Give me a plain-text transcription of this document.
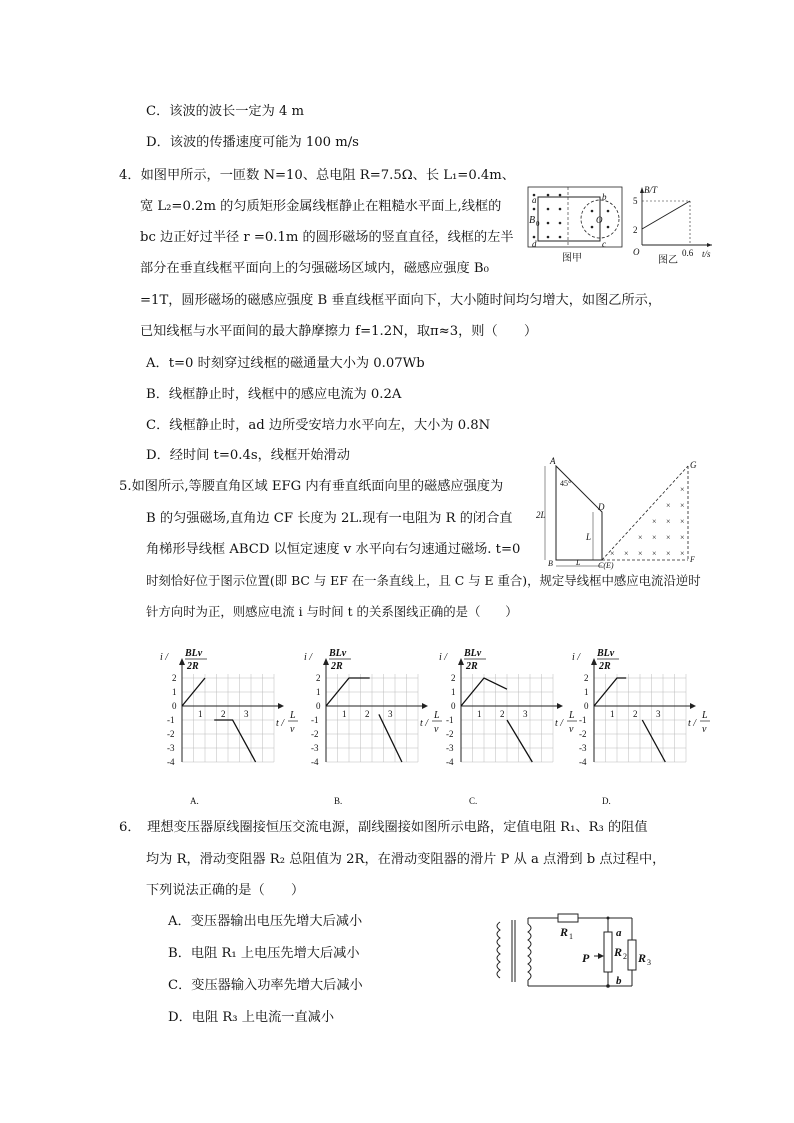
C．该波的波长一定为 4 m
D．该波的传播速度可能为 100 m/s
4．如图甲所示，一匝数 N=10、总电阻 R=7.5Ω、长 L₁=0.4m、
宽 L₂=0.2m 的匀质矩形金属线框静止在粗糙水平面上,线框的
bc 边正好过半径 r =0.1m 的圆形磁场的竖直直径，线框的左半
部分在垂直线框平面向上的匀强磁场区域内，磁感应强度 B₀
=1T，圆形磁场的磁感应强度 B 垂直线框平面向下，大小随时间均匀增大，如图乙所示，
已知线框与水平面间的最大静摩擦力 f=1.2N，取π≈3，则（　　）
A．t=0 时刻穿过线框的磁通量大小为 0.07Wb
B．线框静止时，线框中的感应电流为 0.2A
C．线框静止时，ad 边所受安培力水平向左，大小为 0.8N
D．经时间 t=0.4s，线框开始滑动
a	b
c
d
B 0	O
图甲
B/T
t/s
O
5
2
0.6
图乙
5.如图所示,等腰直角区域 EFG 内有垂直纸面向里的磁感应强度为
B 的匀强磁场,直角边 CF 长度为 2L.现有一电阻为 R 的闭合直
角梯形导线框 ABCD 以恒定速度 v 水平向右匀速通过磁场. t=0
时刻恰好位于图示位置(即 BC 与 EF 在一条直线上，且 C 与 E 重合)，规定导线框中感应电流沿逆时
针方向时为正，则感应电流 i 与时间 t 的关系图线正确的是（　　）
×
× ×
× × ×
× × × ×
× × × × × ×
A
B	C(E)
D
F
G
45°
2L
L
L
2
1
0
-1
-2
-3
-4
1 2 3
i / BLv
2R
t /
L
v
A.
2
1
0
-1
-2
-3
-4
1 2 3
i / BLv
2R
t /
L
v
B.
2
1
0
-1
-2
-3
-4
1 2 3
i / BLv
2R
t /
L
v
C.
2
1
0
-1
-2
-3
-4
1 2 3
i / BLv
2R
t /
L
v
D.
6．　理想变压器原线圈接恒压交流电源，副线圈接如图所示电路，定值电阻 R₁、R₃ 的阻值
均为 R，滑动变阻器 R₂ 总阻值为 2R，在滑动变阻器的滑片 P 从 a 点滑到 b 点过程中，
下列说法正确的是（　　）
A．变压器输出电压先增大后减小
B．电阻 R₁ 上电压先增大后减小
C．变压器输入功率先增大后减小
D．电阻 R₃ 上电流一直减小
R 1
R 2 R 3
P
a
b
